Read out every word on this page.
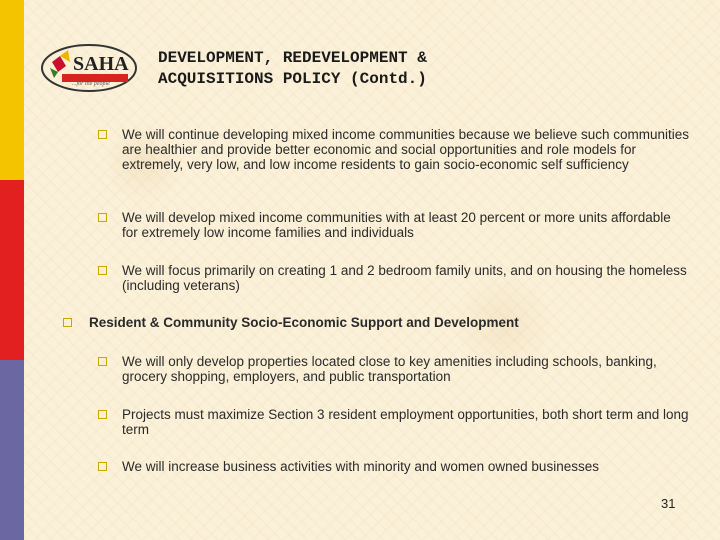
SAHA
...for the people
DEVELOPMENT, REDEVELOPMENT &
ACQUISITIONS POLICY (Contd.)
We will continue developing mixed income communities because we believe such communities are healthier and provide better economic and social opportunities and role models for extremely, very low, and low income residents to gain socio-economic self sufficiency
We will develop mixed income communities with at least 20 percent or more units affordable for extremely low income families and individuals
We will focus primarily on creating 1 and 2 bedroom family units, and on housing the homeless (including veterans)
Resident & Community Socio-Economic Support and Development
We will only develop properties located close to key amenities including schools, banking, grocery shopping, employers, and public transportation
Projects must maximize Section 3 resident employment opportunities, both short term and long term
We will increase business activities with minority and women owned businesses
31
